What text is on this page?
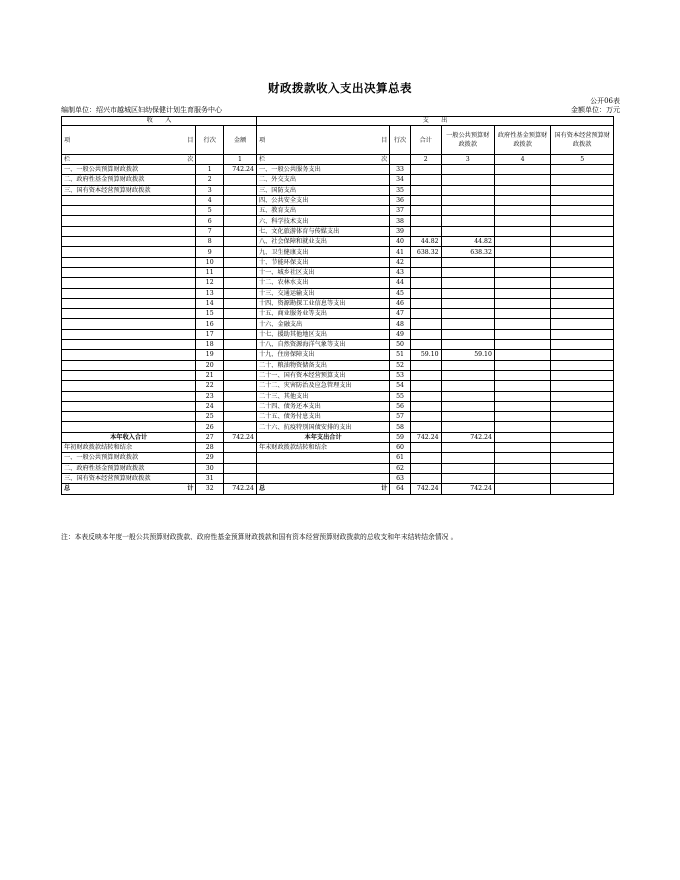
财政拨款收入支出决算总表
公开06表
编制单位：绍兴市越城区妇幼保健计划生育服务中心	金额单位：万元
收　　入			支　　出					

项 目	行次	金额	项 目	行次	合计	一般公共预算财政拨款	政府性基金预算财政拨款	国有资本经营预算财政拨款

栏 次		1	栏 次		2	3	4	5
一、一般公共预算财政拨款	1	742.24	一、一般公共服务支出	33				
二、政府性基金预算财政拨款	2		二、外交支出	34				
三、国有资本经营预算财政拨款	3		三、国防支出	35				
	4		四、公共安全支出	36				
	5		五、教育支出	37				
	6		六、科学技术支出	38				
	7		七、文化旅游体育与传媒支出	39				
	8		八、社会保障和就业支出	40	44.82	44.82		
	9		九、卫生健康支出	41	638.32	638.32		
	10		十、节能环保支出	42				
	11		十一、城乡社区支出	43				
	12		十二、农林水支出	44				
	13		十三、交通运输支出	45				
	14		十四、资源勘探工业信息等支出	46				
	15		十五、商业服务业等支出	47				
	16		十六、金融支出	48				
	17		十七、援助其他地区支出	49				
	18		十八、自然资源海洋气象等支出	50				
	19		十九、住房保障支出	51	59.10	59.10		
	20		二十、粮油物资储备支出	52				
	21		二十一、国有资本经营预算支出	53				
	22		二十二、灾害防治及应急管理支出	54				
	23		二十三、其他支出	55				
	24		二十四、债务还本支出	56				
	25		二十五、债务付息支出	57				
	26		二十六、抗疫特别国债安排的支出	58				
本年收入合计	27	742.24	本年支出合计	59	742.24	742.24		
年初财政拨款结转和结余	28		年末财政拨款结转和结余	60				
一、一般公共预算财政拨款	29			61				
二、政府性基金预算财政拨款	30			62				
三、国有资本经营预算财政拨款	31			63				

总 计	32	742.24	总 计	64	742.24	742.24		
注：本表反映本年度一般公共预算财政拨款、政府性基金预算财政拨款和国有资本经营预算财政拨款的总收支和年末结转结余情况 。
